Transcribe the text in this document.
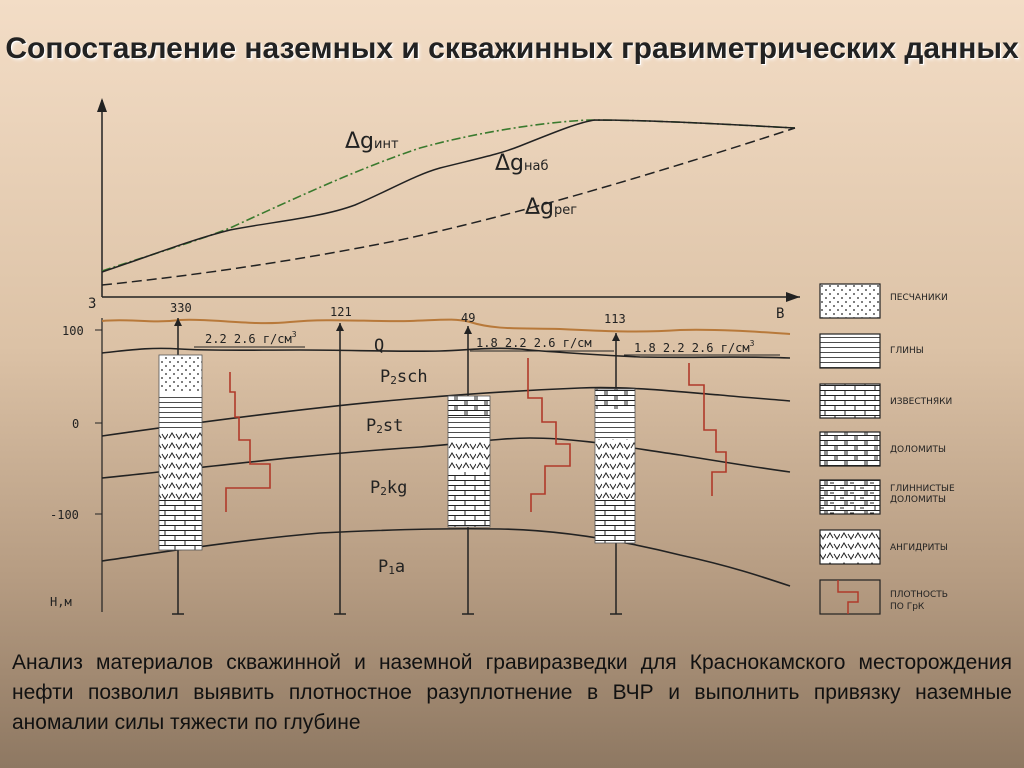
Сопоставление наземных и скважинных гравиметрических данных
Δgинт
Δgнаб
Δgрег
З
В
100
0
-100
Н,м
Q
P2sch
P2st
P2kg
P1a
330	121	49	113
2.2 2.6 $г/см^3$
1.8 2.2 2.6 г/см	1.8 2.2 2.6 $г/см^3$
ПЕСЧАНИКИ
ГЛИНЫ
ИЗВЕСТНЯКИ
ДОЛОМИТЫ
ГЛИННИСТЫЕ
ДОЛОМИТЫ
АНГИДРИТЫ
ПЛОТНОСТЬ
ПО ГрК
Анализ материалов скважинной и наземной гравиразведки для Краснокамского месторождения нефти позволил выявить плотностное разуплотнение в ВЧР и выполнить привязку наземные аномалии силы тяжести по глубине
